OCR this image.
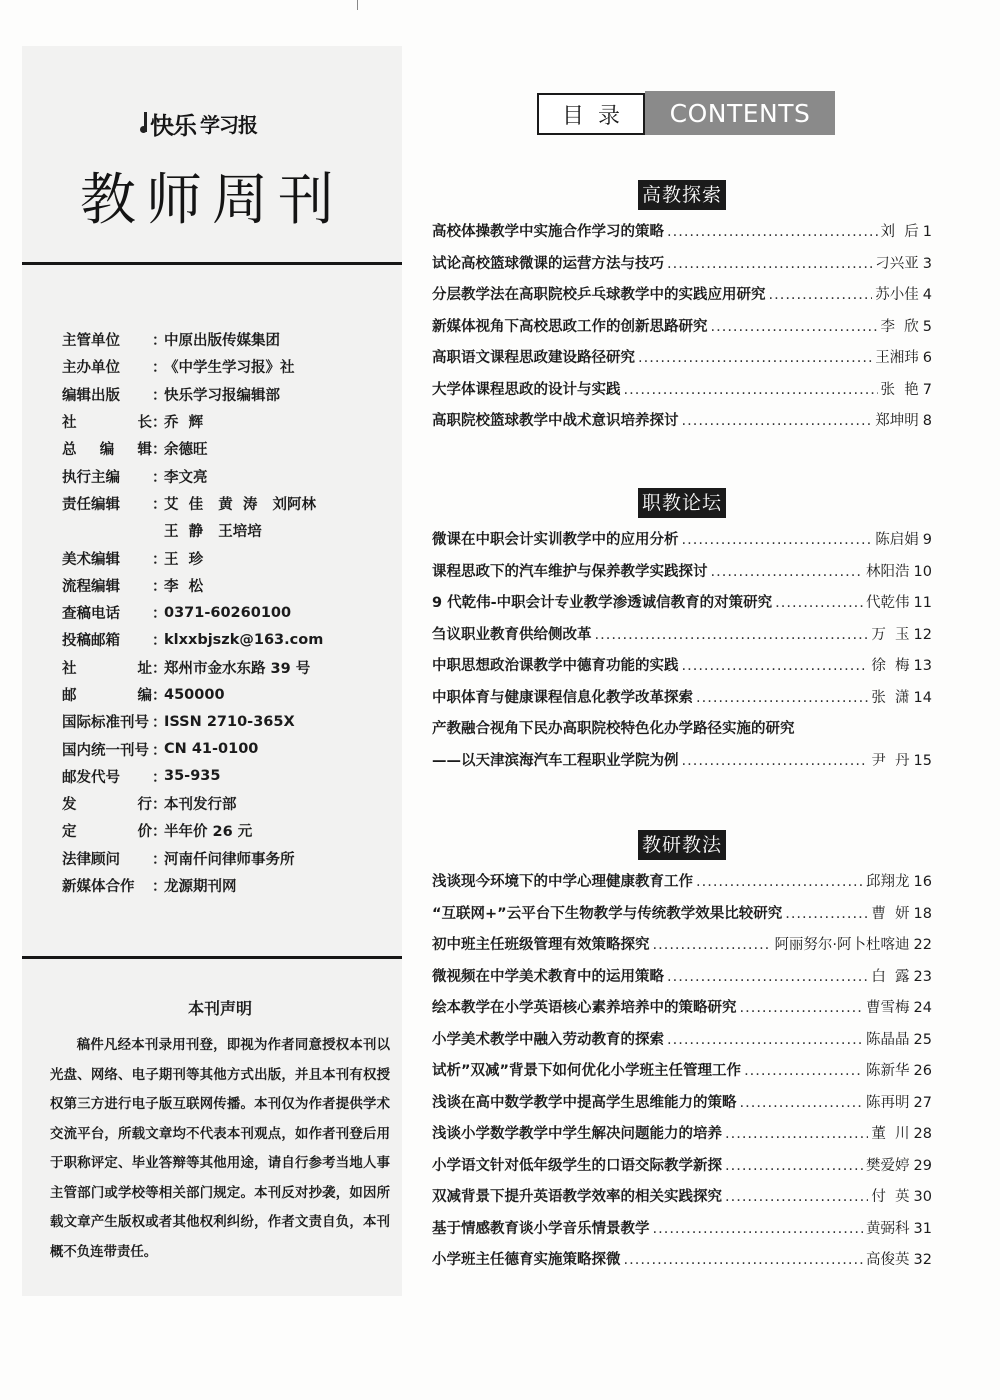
快乐 学习报
教师周刊
主管单位	：
中原出版传媒集团
主办单位	：
《中学生学习报》社
编辑出版	：
快乐学习报编辑部
社	长 ：
乔  辉
总 编 辑 ：
余德旺
执行主编	：
李文亮
责任编辑	：
艾  佳   黄  涛   刘阿林
王  静   王培培
美术编辑	：
王  珍
流程编辑	：
李  松
查稿电话	：
0371-60260100
投稿邮箱	：
klxxbjszk@163.com
社	址 ：
郑州市金水东路 39 号
邮	编 ：
450000
国际标准刊号 ：
ISSN 2710-365X
国内统一刊号 ：
CN 41-0100
邮发代号	：
35-935
发	行 ：
本刊发行部
定	价 ：
半年价 26 元
法律顾问	：
河南仟问律师事务所
新媒体合作	：
龙源期刊网
本刊声明
稿件凡经本刊录用刊登，即视为作者同意授权本刊以光盘、网络、电子期刊等其他方式出版，并且本刊有权授权第三方进行电子版互联网传播。本刊仅为作者提供学术交流平台，所载文章均不代表本刊观点，如作者刊登后用于职称评定、毕业答辩等其他用途，请自行参考当地人事主管部门或学校等相关部门规定。本刊反对抄袭，如因所载文章产生版权或者其他权利纠纷，作者文责自负，本刊概不负连带责任。
目录	CONTENTS
高教探索
高校体操教学中实施合作学习的策略 .....	刘  后 1
试论高校篮球微课的运营方法与技巧 .....	刁兴亚 3
分层教学法在高职院校乒乓球教学中的实践应用研究 .....	苏小佳 4
新媒体视角下高校思政工作的创新思路研究 .....	李  欣 5
高职语文课程思政建设路径研究 .....	王湘玮 6
大学体课程思政的设计与实践 .....	张  艳 7
高职院校篮球教学中战术意识培养探讨 .....	郑坤明 8
职教论坛
微课在中职会计实训教学中的应用分析 .....	陈启娟 9
课程思政下的汽车维护与保养教学实践探讨 .....	林阳浩 10
9 代乾伟-中职会计专业教学渗透诚信教育的对策研究 .....	代乾伟 11
刍议职业教育供给侧改革 .....	万  玉 12
中职思想政治课教学中德育功能的实践 .....	徐  梅 13
中职体育与健康课程信息化教学改革探索 .....	张  潇 14
产教融合视角下民办高职院校特色化办学路径实施的研究
——以天津滨海汽车工程职业学院为例 .....	尹  丹 15
教研教法
浅谈现今环境下的中学心理健康教育工作 .....	邱翔龙 16
“互联网+”云平台下生物教学与传统教学效果比较研究 .....	曹  妍 18
初中班主任班级管理有效策略探究 .....	阿丽努尔·阿卜杜喀迪 22
微视频在中学美术教育中的运用策略 .....	白  露 23
绘本教学在小学英语核心素养培养中的策略研究 .....	曹雪梅 24
小学美术教学中融入劳动教育的探索 .....	陈晶晶 25
试析”双减”背景下如何优化小学班主任管理工作 .....	陈新华 26
浅谈在高中数学教学中提高学生思维能力的策略 .....	陈再明 27
浅谈小学数学教学中学生解决问题能力的培养 .....	董  川 28
小学语文针对低年级学生的口语交际教学新探 .....	樊爱婷 29
双减背景下提升英语教学效率的相关实践探究 .....	付  英 30
基于情感教育谈小学音乐情景教学 .....	黄弼科 31
小学班主任德育实施策略探微 .....	高俊英 32
